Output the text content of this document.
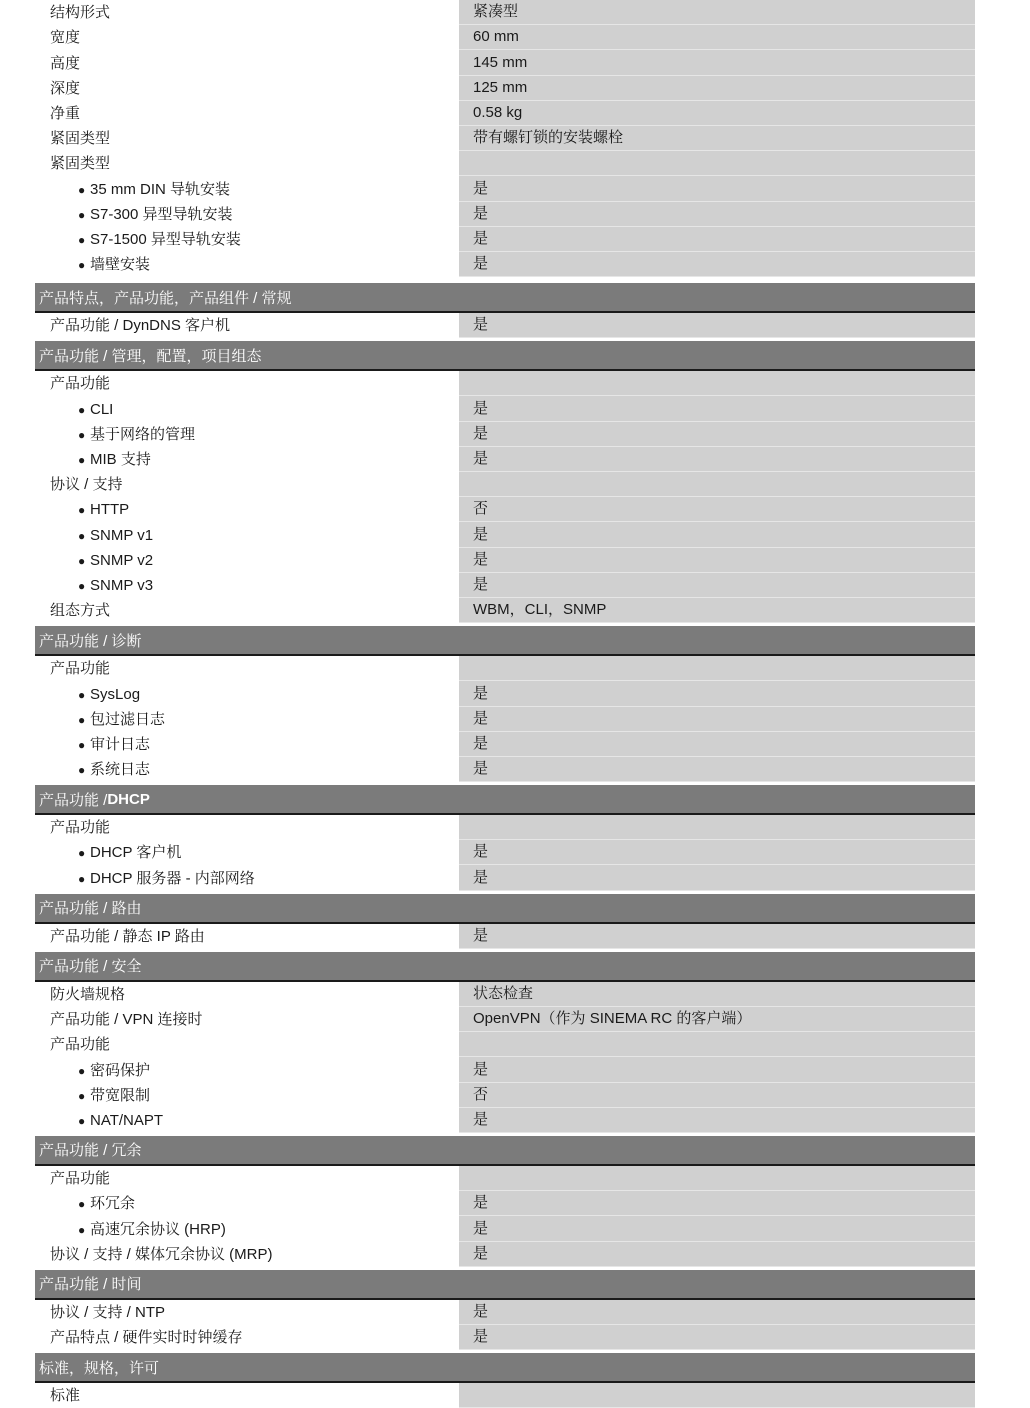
结构形式	紧凑型
宽度	60 mm
高度	145 mm
深度	125 mm
净重	0.58 kg
紧固类型	带有螺钉锁的安装螺栓
紧固类型
● 35 mm DIN 导轨安装	是
● S7-300 异型导轨安装	是
● S7-1500 异型导轨安装	是
● 墙壁安装	是
产品特点，产品功能，产品组件 / 常规
产品功能 / DynDNS 客户机	是
产品功能 / 管理，配置，项目组态
产品功能
● CLI	是
● 基于网络的管理	是
● MIB 支持	是
协议 / 支持
● HTTP	否
● SNMP v1	是
● SNMP v2	是
● SNMP v3	是
组态方式	WBM，CLI，SNMP
产品功能 / 诊断
产品功能
● SysLog	是
● 包过滤日志	是
● 审计日志	是
● 系统日志	是
产品功能 / DHCP
产品功能
● DHCP 客户机	是
● DHCP 服务器 - 内部网络	是
产品功能 / 路由
产品功能 / 静态 IP 路由	是
产品功能 / 安全
防火墙规格	状态检查
产品功能 / VPN 连接时	OpenVPN（作为 SINEMA RC 的客户端）
产品功能
● 密码保护	是
● 带宽限制	否
● NAT/NAPT	是
产品功能 / 冗余
产品功能
● 环冗余	是
● 高速冗余协议 (HRP)	是
协议 / 支持 / 媒体冗余协议 (MRP)	是
产品功能 / 时间
协议 / 支持 / NTP	是
产品特点 / 硬件实时时钟缓存	是
标准，规格，许可
标准
